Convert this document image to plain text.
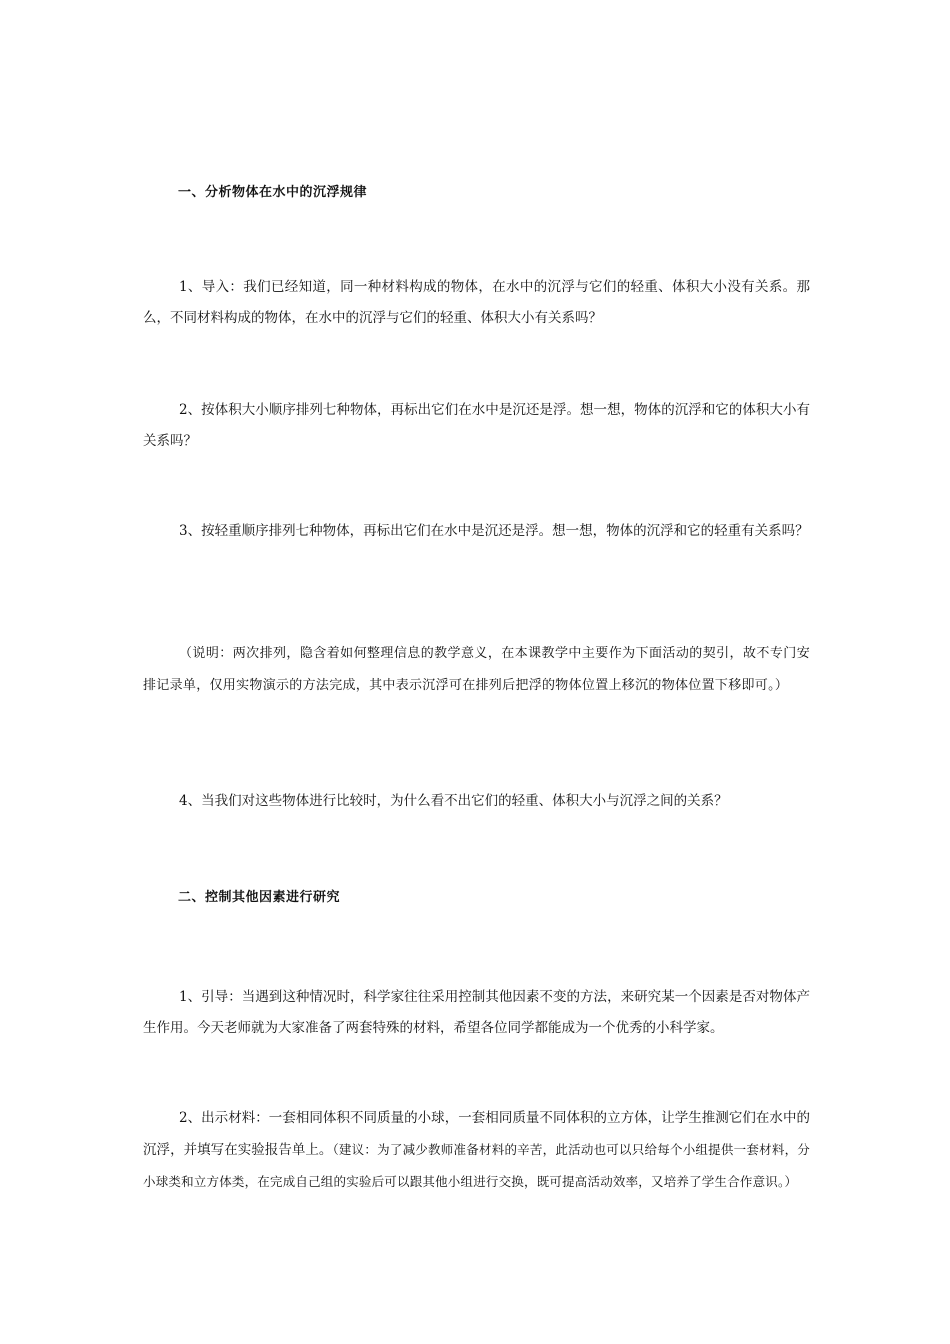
一、分析物体在水中的沉浮规律
1、导入：我们已经知道，同一种材料构成的物体，在水中的沉浮与它们的轻重、体积大小没有关系。那么，不同材料构成的物体，在水中的沉浮与它们的轻重、体积大小有关系吗？
2、按体积大小顺序排列七种物体，再标出它们在水中是沉还是浮。想一想，物体的沉浮和它的体积大小有关系吗？
3、按轻重顺序排列七种物体，再标出它们在水中是沉还是浮。想一想，物体的沉浮和它的轻重有关系吗？
（说明：两次排列，隐含着如何整理信息的教学意义，在本课教学中主要作为下面活动的契引，故不专门安排记录单，仅用实物演示的方法完成，其中表示沉浮可在排列后把浮的物体位置上移沉的物体位置下移即可。）
4、当我们对这些物体进行比较时，为什么看不出它们的轻重、体积大小与沉浮之间的关系？
二、控制其他因素进行研究
1、引导：当遇到这种情况时，科学家往往采用控制其他因素不变的方法，来研究某一个因素是否对物体产生作用。今天老师就为大家准备了两套特殊的材料，希望各位同学都能成为一个优秀的小科学家。
2、出示材料：一套相同体积不同质量的小球，一套相同质量不同体积的立方体，让学生推测它们在水中的沉浮，并填写在实验报告单上。（建议：为了减少教师准备材料的辛苦，此活动也可以只给每个小组提供一套材料，分小球类和立方体类，在完成自己组的实验后可以跟其他小组进行交换，既可提高活动效率，又培养了学生合作意识。）
